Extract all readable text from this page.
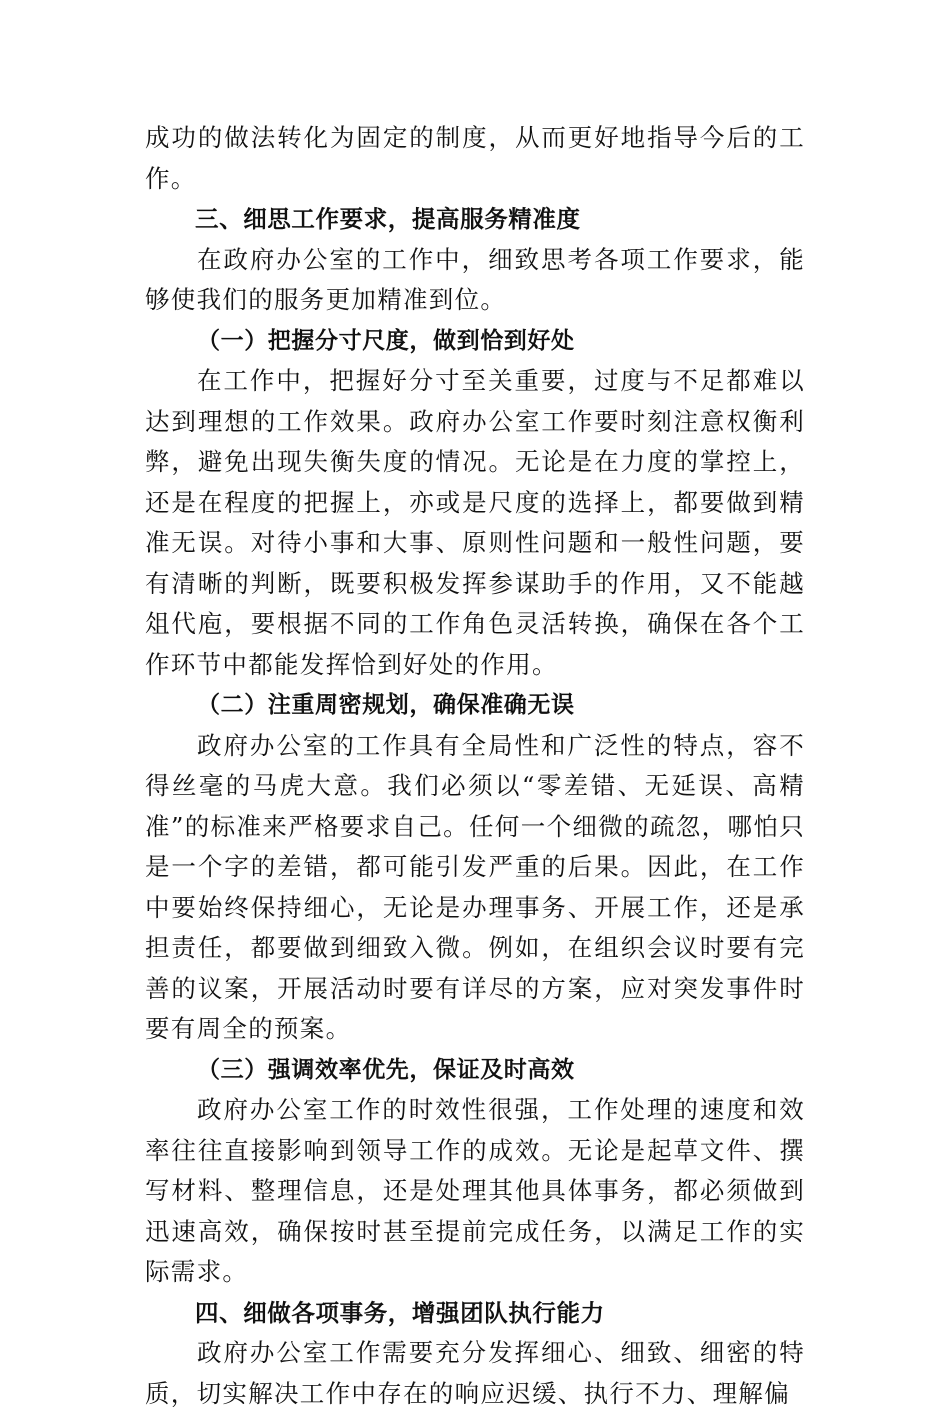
成功的做法转化为固定的制度，从而更好地指导今后的工作。

三、细思工作要求，提高服务精准度

在政府办公室的工作中，细致思考各项工作要求，能够使我们的服务更加精准到位。

（一）把握分寸尺度，做到恰到好处

在工作中，把握好分寸至关重要，过度与不足都难以达到理想的工作效果。政府办公室工作要时刻注意权衡利弊，避免出现失衡失度的情况。无论是在力度的掌控上，还是在程度的把握上，亦或是尺度的选择上，都要做到精准无误。对待小事和大事、原则性问题和一般性问题，要有清晰的判断，既要积极发挥参谋助手的作用，又不能越俎代庖，要根据不同的工作角色灵活转换，确保在各个工作环节中都能发挥恰到好处的作用。

（二）注重周密规划，确保准确无误

政府办公室的工作具有全局性和广泛性的特点，容不得丝毫的马虎大意。我们必须以“零差错、无延误、高精准”的标准来严格要求自己。任何一个细微的疏忽，哪怕只是一个字的差错，都可能引发严重的后果。因此，在工作中要始终保持细心，无论是办理事务、开展工作，还是承担责任，都要做到细致入微。例如，在组织会议时要有完善的议案，开展活动时要有详尽的方案，应对突发事件时要有周全的预案。

（三）强调效率优先，保证及时高效

政府办公室工作的时效性很强，工作处理的速度和效率往往直接影响到领导工作的成效。无论是起草文件、撰写材料、整理信息，还是处理其他具体事务，都必须做到迅速高效，确保按时甚至提前完成任务，以满足工作的实际需求。

四、细做各项事务，增强团队执行能力

政府办公室工作需要充分发挥细心、细致、细密的特质，切实解决工作中存在的响应迟缓、执行不力、理解偏
